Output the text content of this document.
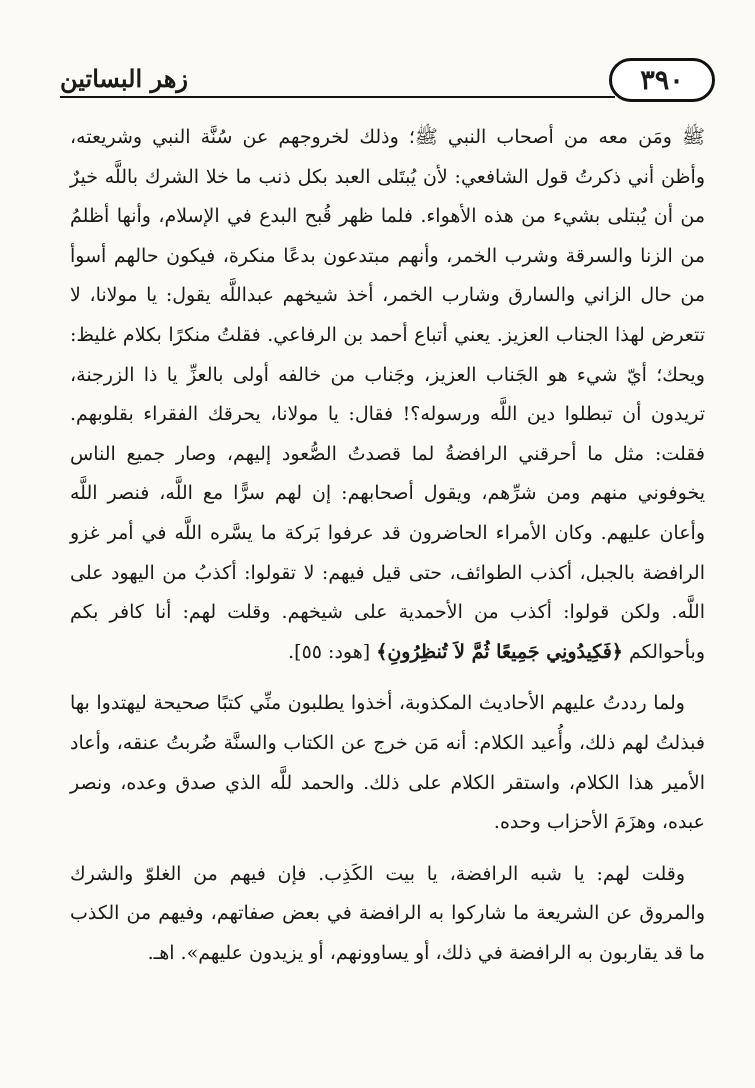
٣٩٠
زهر البساتين

ﷺ ومَن معه من أصحاب النبي ﷺ؛ وذلك لخروجهم عن سُنَّة النبي وشريعته، وأظن أني ذكرتُ قول الشافعي: لأن يُبتَلى العبد بكل ذنب ما خلا الشرك باللَّه خيرٌ من أن يُبتلى بشيء من هذه الأهواء. فلما ظهر قُبح البدع في الإسلام، وأنها أظلمُ من الزنا والسرقة وشرب الخمر، وأنهم مبتدعون بدعًا منكرة، فيكون حالهم أسوأ من حال الزاني والسارق وشارب الخمر، أخذ شيخهم عبداللَّه يقول: يا مولانا، لا تتعرض لهذا الجناب العزيز. يعني أتباع أحمد بن الرفاعي. فقلتُ منكرًا بكلام غليظ: ويحك؛ أيّ شيء هو الجَناب العزيز، وجَناب من خالفه أولى بالعزِّ يا ذا الزرجنة، تريدون أن تبطلوا دين اللَّه ورسوله؟! فقال: يا مولانا، يحرقك الفقراء بقلوبهم. فقلت: مثل ما أحرقني الرافضةُ لما قصدتُ الصُّعود إليهم، وصار جميع الناس يخوفوني منهم ومن شرِّهم، ويقول أصحابهم: إن لهم سرًّا مع اللَّه، فنصر اللَّه وأعان عليهم. وكان الأمراء الحاضرون قد عرفوا بَركة ما يسَّره اللَّه في أمر غزو الرافضة بالجبل، أكذب الطوائف، حتى قيل فيهم: لا تقولوا: أكذبُ من اليهود على اللَّه. ولكن قولوا: أكذب من الأحمدية على شيخهم. وقلت لهم: أنا كافر بكم وبأحوالكم ﴿فَكِيدُونِي جَمِيعًا ثُمَّ لاَ تُنظِرُونِ﴾ [هود: ٥٥].

ولما رددتُ عليهم الأحاديث المكذوبة، أخذوا يطلبون منِّي كتبًا صحيحة ليهتدوا بها فبذلتُ لهم ذلك، وأُعيد الكلام: أنه مَن خرج عن الكتاب والسنَّة ضُربتُ عنقه، وأعاد الأمير هذا الكلام، واستقر الكلام على ذلك. والحمد للَّه الذي صدق وعده، ونصر عبده، وهزَمَ الأحزاب وحده.

وقلت لهم: يا شبه الرافضة، يا بيت الكَذِب. فإن فيهم من الغلوّ والشرك والمروق عن الشريعة ما شاركوا به الرافضة في بعض صفاتهم، وفيهم من الكذب ما قد يقاربون به الرافضة في ذلك، أو يساوونهم، أو يزيدون عليهم». اهـ.
